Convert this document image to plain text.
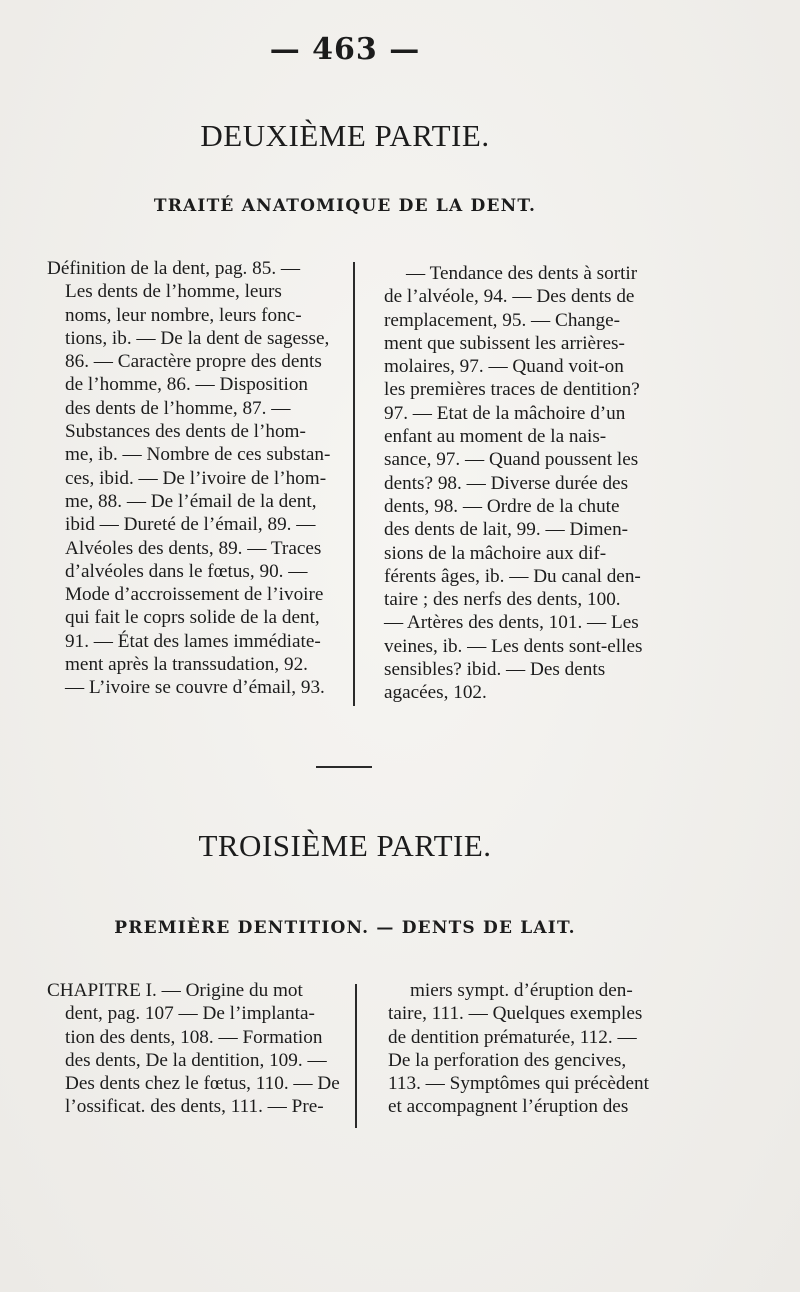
— 463 —
DEUXIÈME PARTIE.
TRAITÉ ANATOMIQUE DE LA DENT.
Définition de la dent, pag. 85. —
Les dents de l’homme, leurs
noms, leur nombre, leurs fonc-
tions, ib. — De la dent de sagesse,
86. — Caractère propre des dents
de l’homme, 86. — Disposition
des dents de l’homme, 87. —
Substances des dents de l’hom-
me, ib. — Nombre de ces substan-
ces, ibid. — De l’ivoire de l’hom-
me, 88. — De l’émail de la dent,
ibid — Dureté de l’émail, 89. —
Alvéoles des dents, 89. — Traces
d’alvéoles dans le fœtus, 90. —
Mode d’accroissement de l’ivoire
qui fait le coprs solide de la dent,
91. — État des lames immédiate-
ment après la transsudation, 92.
— L’ivoire se couvre d’émail, 93.
— Tendance des dents à sortir
de l’alvéole, 94. — Des dents de
remplacement, 95. — Change-
ment que subissent les arrières-
molaires, 97. — Quand voit-on
les premières traces de dentition?
97. — Etat de la mâchoire d’un
enfant au moment de la nais-
sance, 97. — Quand poussent les
dents? 98. — Diverse durée des
dents, 98. — Ordre de la chute
des dents de lait, 99. — Dimen-
sions de la mâchoire aux dif-
férents âges, ib. — Du canal den-
taire ; des nerfs des dents, 100.
— Artères des dents, 101. — Les
veines, ib. — Les dents sont-elles
sensibles? ibid. — Des dents
agacées, 102.
TROISIÈME PARTIE.
PREMIÈRE DENTITION. — DENTS DE LAIT.
CHAPITRE I. — Origine du mot
dent, pag. 107 — De l’implanta-
tion des dents, 108. — Formation
des dents, De la dentition, 109. —
Des dents chez le fœtus, 110. — De
l’ossificat. des dents, 111. — Pre-
miers sympt. d’éruption den-
taire, 111. — Quelques exemples
de dentition prématurée, 112. —
De la perforation des gencives,
113. — Symptômes qui précèdent
et accompagnent l’éruption des
